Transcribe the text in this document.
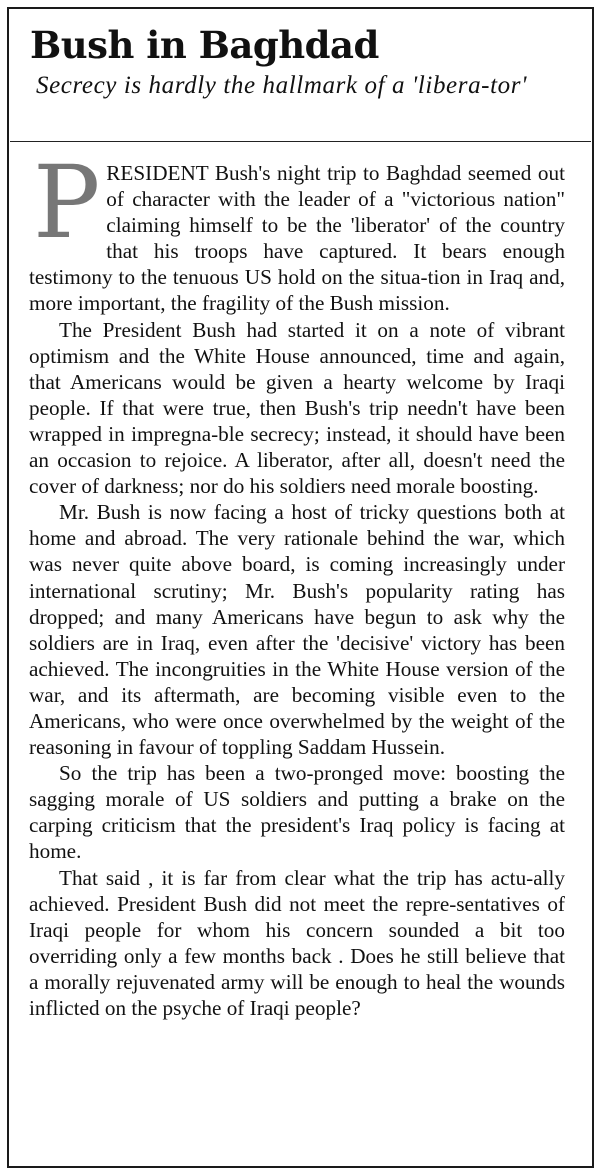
Bush in Baghdad

Secrecy is hardly the hallmark of a 'libera-tor'

PRESIDENT Bush's night trip to Baghdad seemed out of character with the leader of a "victorious nation" claiming himself to be the 'liberator' of the country that his troops have captured. It bears enough testimony to the tenuous US hold on the situa-tion in Iraq and, more important, the fragility of the Bush mission.

The President Bush had started it on a note of vibrant optimism and the White House announced, time and again, that Americans would be given a hearty welcome by Iraqi people. If that were true, then Bush's trip needn't have been wrapped in impregna-ble secrecy; instead, it should have been an occasion to rejoice. A liberator, after all, doesn't need the cover of darkness; nor do his soldiers need morale boosting.

Mr. Bush is now facing a host of tricky questions both at home and abroad. The very rationale behind the war, which was never quite above board, is coming increasingly under international scrutiny; Mr. Bush's popularity rating has dropped; and many Americans have begun to ask why the soldiers are in Iraq, even after the 'decisive' victory has been achieved. The incongruities in the White House version of the war, and its aftermath, are becoming visible even to the Americans, who were once overwhelmed by the weight of the reasoning in favour of toppling Saddam Hussein.

So the trip has been a two-pronged move: boosting the sagging morale of US soldiers and putting a brake on the carping criticism that the president's Iraq policy is facing at home.

That said , it is far from clear what the trip has actu-ally achieved. President Bush did not meet the repre-sentatives of Iraqi people for whom his concern sounded a bit too overriding only a few months back . Does he still believe that a morally rejuvenated army will be enough to heal the wounds inflicted on the psyche of Iraqi people?
